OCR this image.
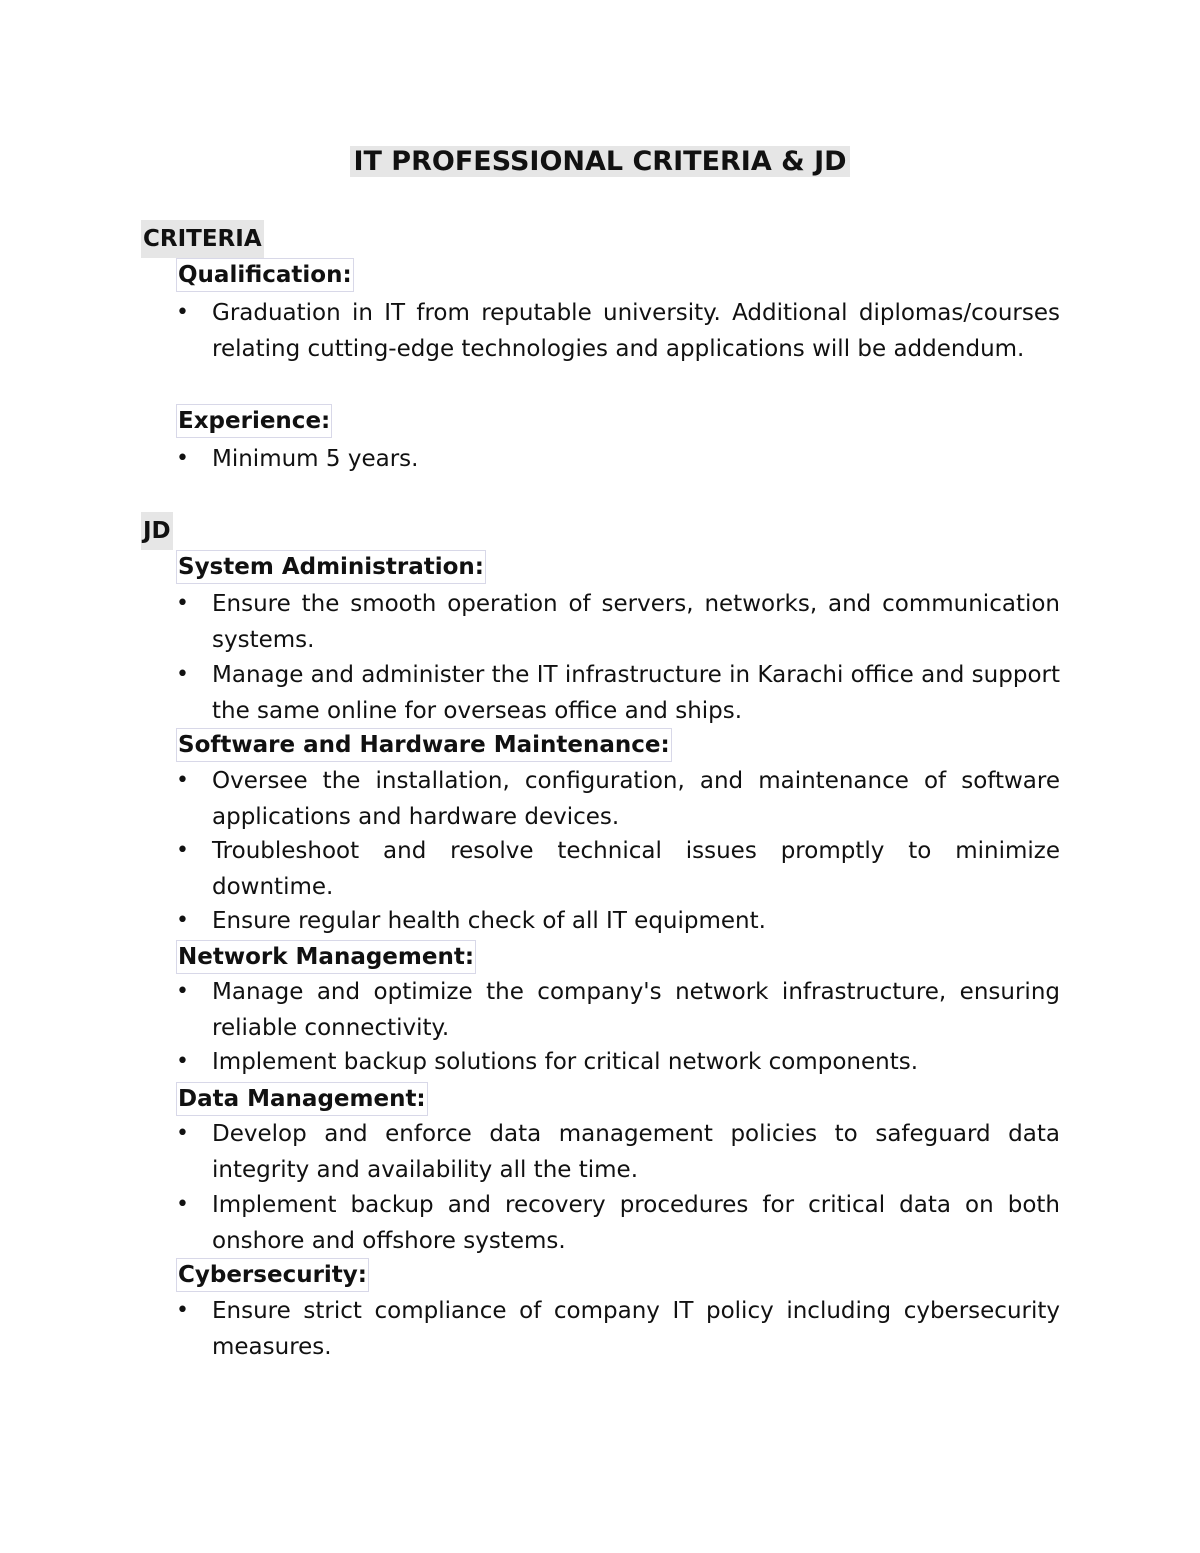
IT PROFESSIONAL CRITERIA & JD
CRITERIA
Qualification:
•	Graduation in IT from reputable university. Additional diplomas/courses relating cutting-edge technologies and applications will be addendum.
Experience:
•	Minimum 5 years.
JD
System Administration:
•	Ensure the smooth operation of servers, networks, and communication systems.
•	Manage and administer the IT infrastructure in Karachi office and support the same online for overseas office and ships.
Software and Hardware Maintenance:
•	Oversee the installation, configuration, and maintenance of software applications and hardware devices.
•	Troubleshoot and resolve technical issues promptly to minimize downtime.
•	Ensure regular health check of all IT equipment.
Network Management:
•	Manage and optimize the company's network infrastructure, ensuring reliable connectivity.
•	Implement backup solutions for critical network components.
Data Management:
•	Develop and enforce data management policies to safeguard data integrity and availability all the time.
•	Implement backup and recovery procedures for critical data on both onshore and offshore systems.
Cybersecurity:
•	Ensure strict compliance of company IT policy including cybersecurity measures.
